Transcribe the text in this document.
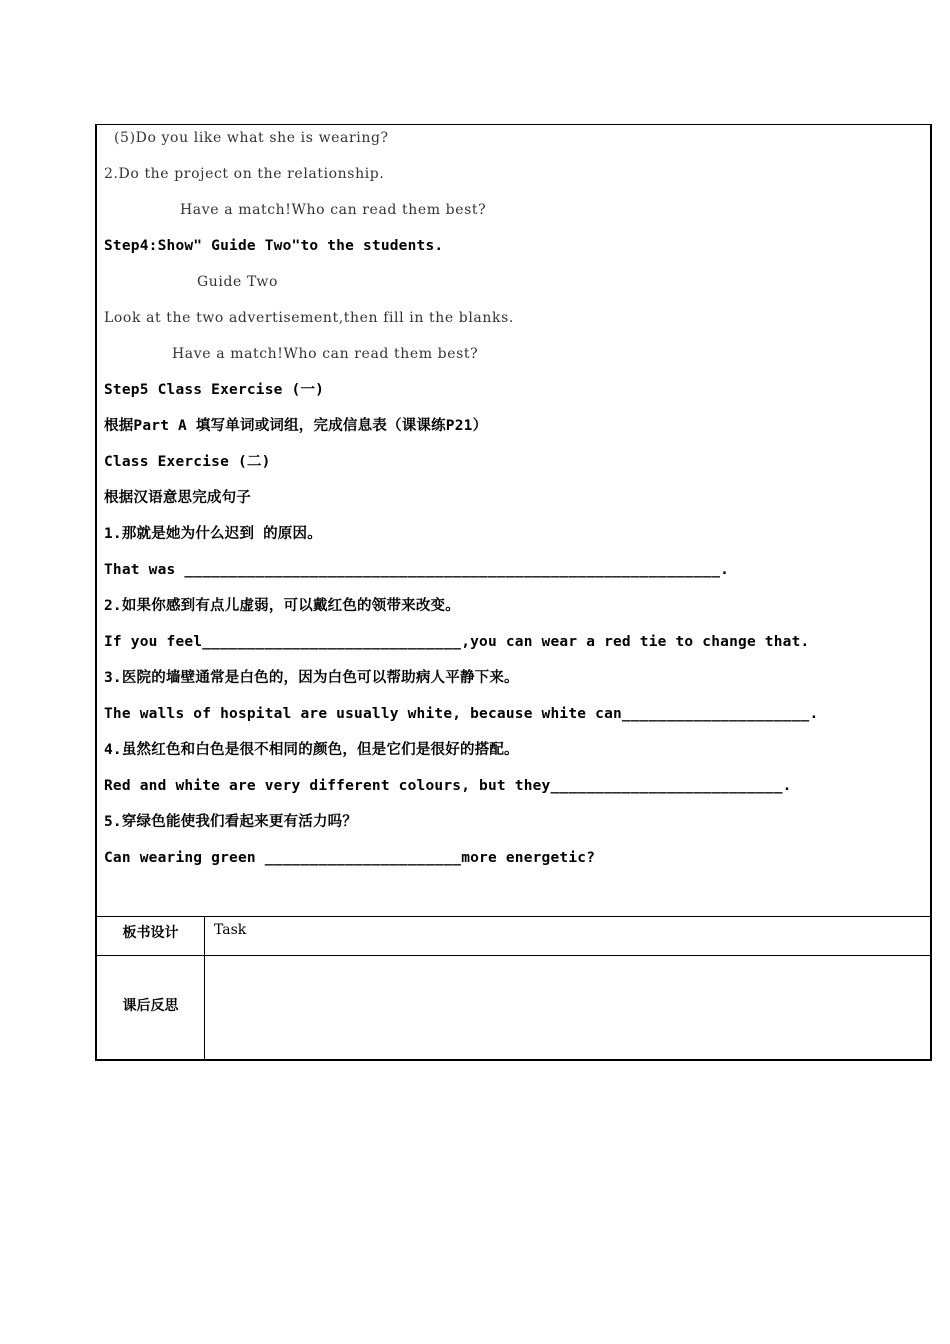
(5)Do you like what she is wearing?
2.Do the project on the relationship.
Have a match!Who can read them best?
Step4:Show" Guide Two"to the students.
Guide Two
Look at the two advertisement,then fill in the blanks.
Have a match!Who can read them best?
Step5 Class Exercise (一)
根据Part A 填写单词或词组，完成信息表（课课练P21）
Class Exercise (二)
根据汉语意思完成句子
1.那就是她为什么迟到 的原因。
That was ____________________________________________________________.
2.如果你感到有点儿虚弱，可以戴红色的领带来改变。
If you feel_____________________________,you can wear a red tie to change that.
3.医院的墙壁通常是白色的，因为白色可以帮助病人平静下来。
The walls of hospital are usually white, because white can_____________________.
4.虽然红色和白色是很不相同的颜色，但是它们是很好的搭配。
Red and white are very different colours, but they__________________________.
5.穿绿色能使我们看起来更有活力吗？
Can wearing green ______________________more energetic?
板书设计	Task
课后反思
